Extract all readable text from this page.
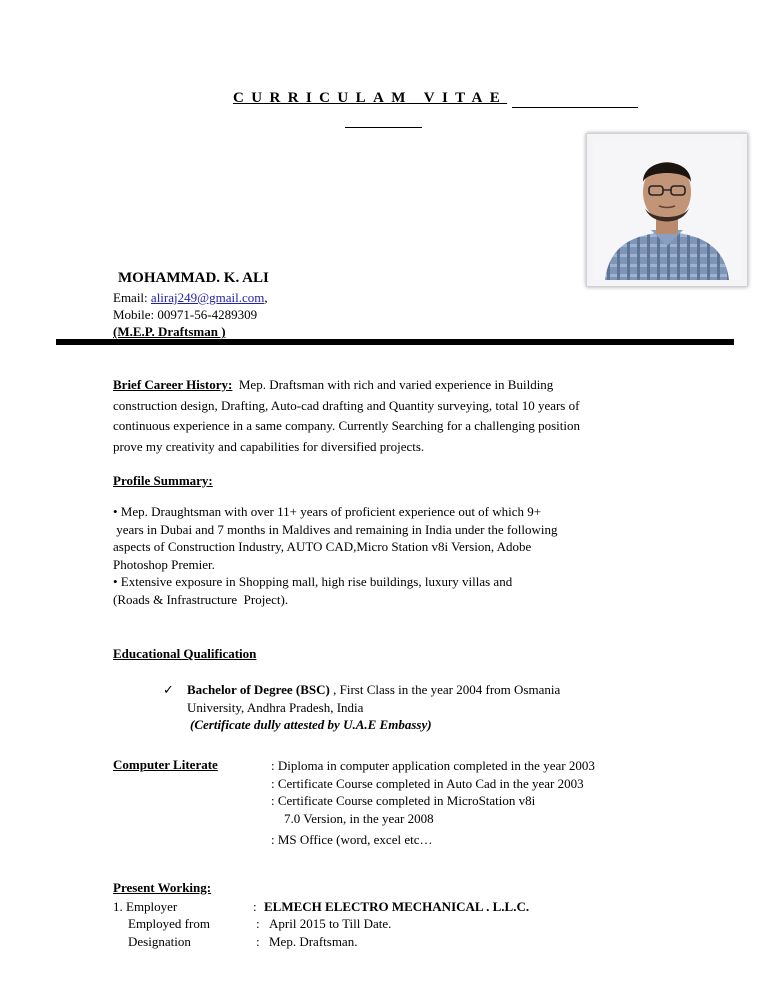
CURRICULAM VITAE
MOHAMMAD. K. ALI
Email: aliraj249@gmail.com,
Mobile: 00971-56-4289309
(M.E.P. Draftsman )
Brief Career History: Mep. Draftsman with rich and varied experience in Building
construction design, Drafting, Auto-cad drafting and Quantity surveying, total 10 years of
continuous experience in a same company. Currently Searching for a challenging position
prove my creativity and capabilities for diversified projects.
Profile Summary:
• Mep. Draughtsman with over 11+ years of proficient experience out of which 9+
years in Dubai and 7 months in Maldives and remaining in India under the following
aspects of Construction Industry, AUTO CAD,Micro Station v8i Version, Adobe
Photoshop Premier.
• Extensive exposure in Shopping mall, high rise buildings, luxury villas and
(Roads & Infrastructure  Project).
Educational Qualification
✓ Bachelor of Degree (BSC) , First Class in the year 2004 from Osmania
University, Andhra Pradesh, India
(Certificate dully attested by U.A.E Embassy)
Computer Literate	: Diploma in computer application completed in the year 2003
: Certificate Course completed in Auto Cad in the year 2003
: Certificate Course completed in MicroStation v8i
7.0 Version, in the year 2008
: MS Office (word, excel etc…
Present Working:
1. Employer	: ELMECH ELECTRO MECHANICAL . L.L.C.
Employed from	: April 2015 to Till Date.
Designation	: Mep. Draftsman.
